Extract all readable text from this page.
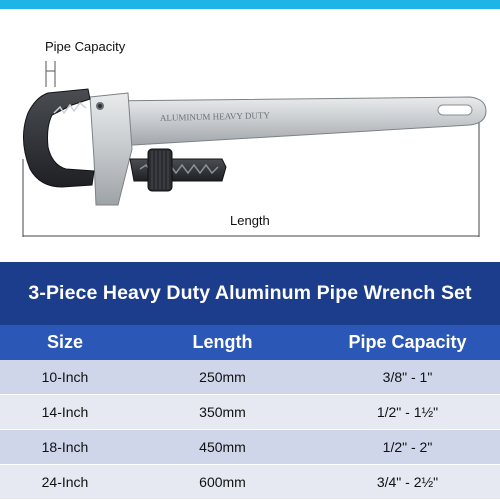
ALUMINUM HEAVY DUTY
Pipe Capacity
Length
3-Piece Heavy Duty Aluminum Pipe Wrench Set
Size	Length	Pipe Capacity
10-Inch	250mm	3/8" - 1"
14-Inch	350mm	1/2" - 1½"
18-Inch	450mm	1/2" - 2"
24-Inch	600mm	3/4" - 2½"
